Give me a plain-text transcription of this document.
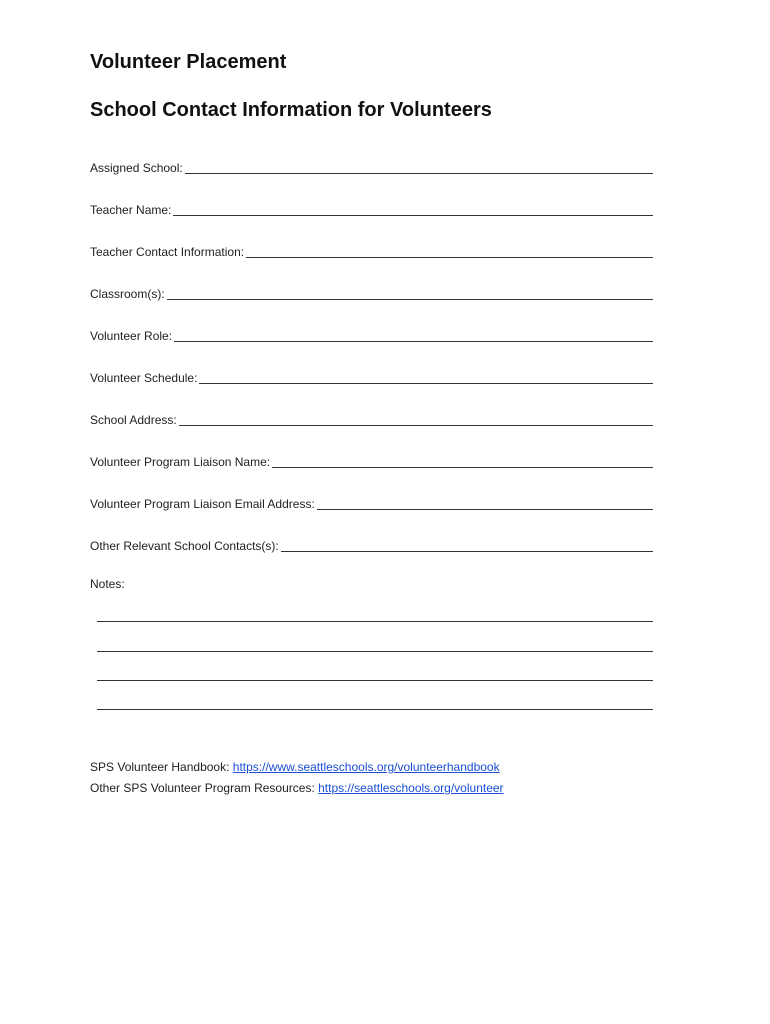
Volunteer Placement
School Contact Information for Volunteers
Assigned School:
Teacher Name:
Teacher Contact Information:
Classroom(s):
Volunteer Role:
Volunteer Schedule:
School Address:
Volunteer Program Liaison Name:
Volunteer Program Liaison Email Address:
Other Relevant School Contacts(s):
Notes:
SPS Volunteer Handbook: https://www.seattleschools.org/volunteerhandbook
Other SPS Volunteer Program Resources: https://seattleschools.org/volunteer
